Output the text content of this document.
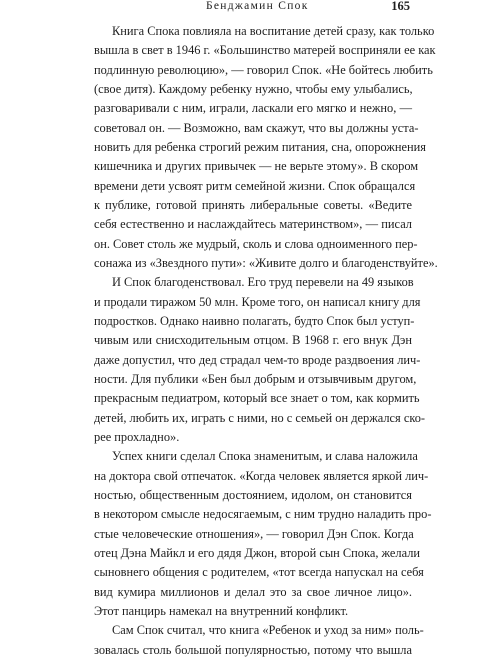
Бенджамин Спок	165
Книга Спока повлияла на воспитание детей сразу, как только
вышла в свет в 1946 г. «Большинство матерей восприняли ее как
подлинную революцию», — говорил Спок. «Не бойтесь любить
(свое дитя). Каждому ребенку нужно, чтобы ему улыбались,
разговаривали с ним, играли, ласкали его мягко и нежно, —
советовал он. — Возможно, вам скажут, что вы должны уста-
новить для ребенка строгий режим питания, сна, опорожнения
кишечника и других привычек — не верьте этому». В скором
времени дети усвоят ритм семейной жизни. Спок обращался
к публике, готовой принять либеральные советы. «Ведите
себя естественно и наслаждайтесь материнством», — писал
он. Совет столь же мудрый, сколь и слова одноименного пер-
сонажа из «Звездного пути»: «Живите долго и благоденствуйте».
И Спок благоденствовал. Его труд перевели на 49 языков
и продали тиражом 50 млн. Кроме того, он написал книгу для
подростков. Однако наивно полагать, будто Спок был уступ-
чивым или снисходительным отцом. В 1968 г. его внук Дэн
даже допустил, что дед страдал чем-то вроде раздвоения лич-
ности. Для публики «Бен был добрым и отзывчивым другом,
прекрасным педиатром, который все знает о том, как кормить
детей, любить их, играть с ними, но с семьей он держался ско-
рее прохладно».
Успех книги сделал Спока знаменитым, и слава наложила
на доктора свой отпечаток. «Когда человек является яркой лич-
ностью, общественным достоянием, идолом, он становится
в некотором смысле недосягаемым, с ним трудно наладить про-
стые человеческие отношения», — говорил Дэн Спок. Когда
отец Дэна Майкл и его дядя Джон, второй сын Спока, желали
сыновнего общения с родителем, «тот всегда напускал на себя
вид кумира миллионов и делал это за свое личное лицо».
Этот панцирь намекал на внутренний конфликт.
Сам Спок считал, что книга «Ребенок и уход за ним» поль-
зовалась столь большой популярностью, потому что вышла
